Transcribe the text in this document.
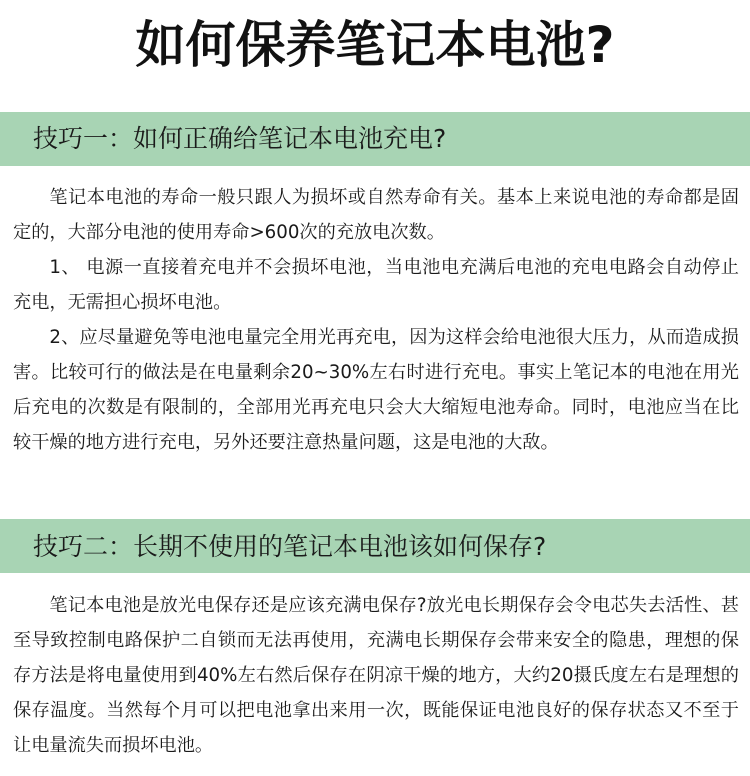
如何保养笔记本电池?
技巧一：如何正确给笔记本电池充电?

笔记本电池的寿命一般只跟人为损坏或自然寿命有关。基本上来说电池的寿命都是固定的，大部分电池的使用寿命>600次的充放电次数。

1、 电源一直接着充电并不会损坏电池，当电池电充满后电池的充电电路会自动停止充电，无需担心损坏电池。

2、应尽量避免等电池电量完全用光再充电，因为这样会给电池很大压力，从而造成损害。比较可行的做法是在电量剩余20~30%左右时进行充电。事实上笔记本的电池在用光后充电的次数是有限制的，全部用光再充电只会大大缩短电池寿命。同时，电池应当在比较干燥的地方进行充电，另外还要注意热量问题，这是电池的大敌。

技巧二：长期不使用的笔记本电池该如何保存?

笔记本电池是放光电保存还是应该充满电保存?放光电长期保存会令电芯失去活性、甚至导致控制电路保护二自锁而无法再使用，充满电长期保存会带来安全的隐患，理想的保存方法是将电量使用到40%左右然后保存在阴凉干燥的地方，大约20摄氏度左右是理想的保存温度。当然每个月可以把电池拿出来用一次，既能保证电池良好的保存状态又不至于让电量流失而损坏电池。
